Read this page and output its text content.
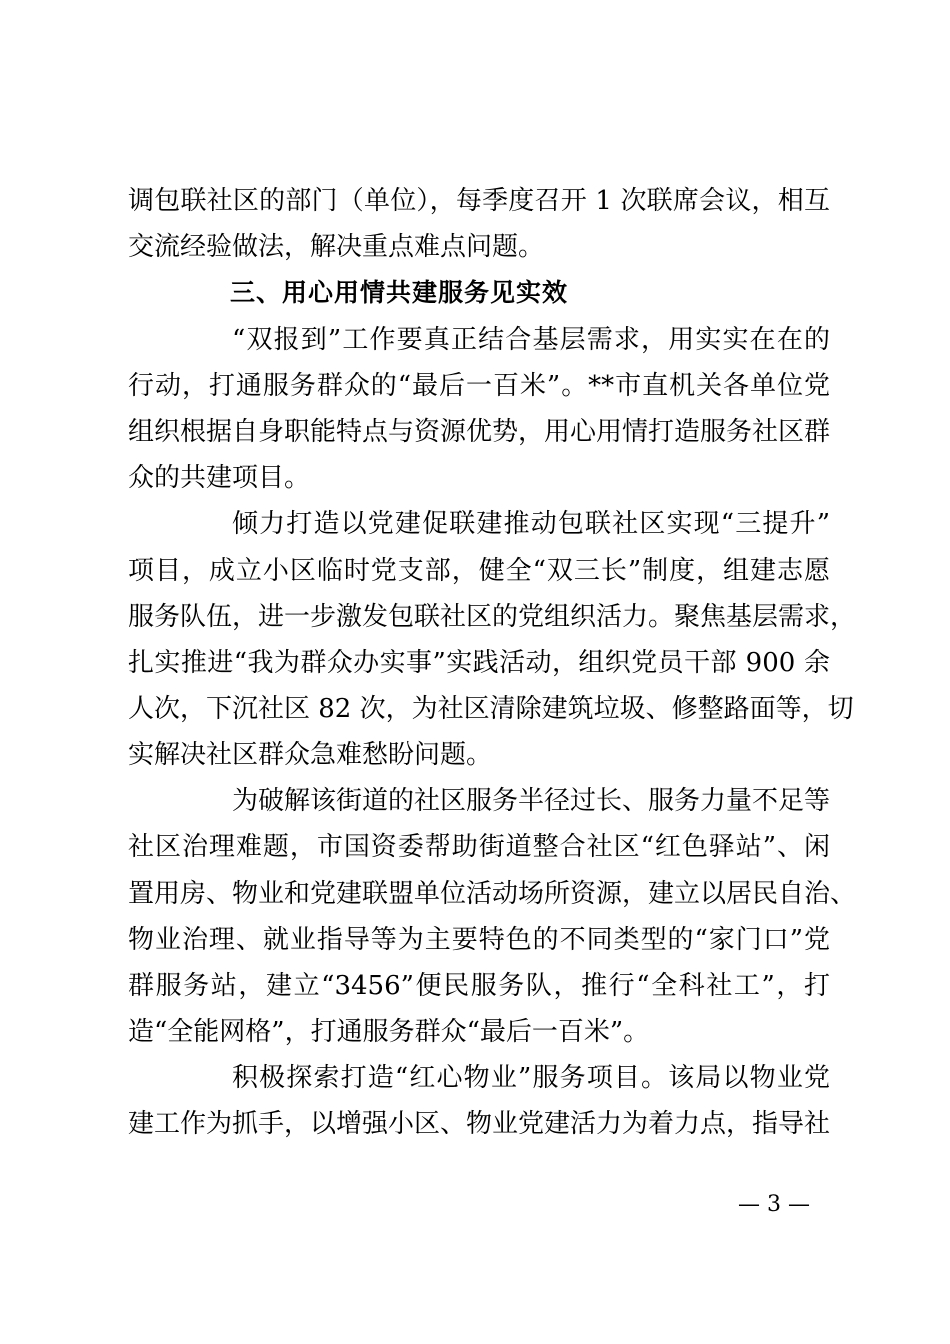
调包联社区的部门（单位），每季度召开 1 次联席会议，相互
交流经验做法，解决重点难点问题。
三、用心用情共建服务见实效
“双报到”工作要真正结合基层需求，用实实在在的
行动，打通服务群众的“最后一百米”。**市直机关各单位党
组织根据自身职能特点与资源优势，用心用情打造服务社区群
众的共建项目。
倾力打造以党建促联建推动包联社区实现“三提升”
项目，成立小区临时党支部，健全“双三长”制度，组建志愿
服务队伍，进一步激发包联社区的党组织活力。聚焦基层需求，
扎实推进“我为群众办实事”实践活动，组织党员干部 900 余
人次，下沉社区 82 次，为社区清除建筑垃圾、修整路面等，切
实解决社区群众急难愁盼问题。
为破解该街道的社区服务半径过长、服务力量不足等
社区治理难题，市国资委帮助街道整合社区“红色驿站”、闲
置用房、物业和党建联盟单位活动场所资源，建立以居民自治、
物业治理、就业指导等为主要特色的不同类型的“家门口”党
群服务站，建立“3456”便民服务队，推行“全科社工”，打
造“全能网格”，打通服务群众“最后一百米”。
积极探索打造“红心物业”服务项目。该局以物业党
建工作为抓手，以增强小区、物业党建活力为着力点，指导社
— 3 —
